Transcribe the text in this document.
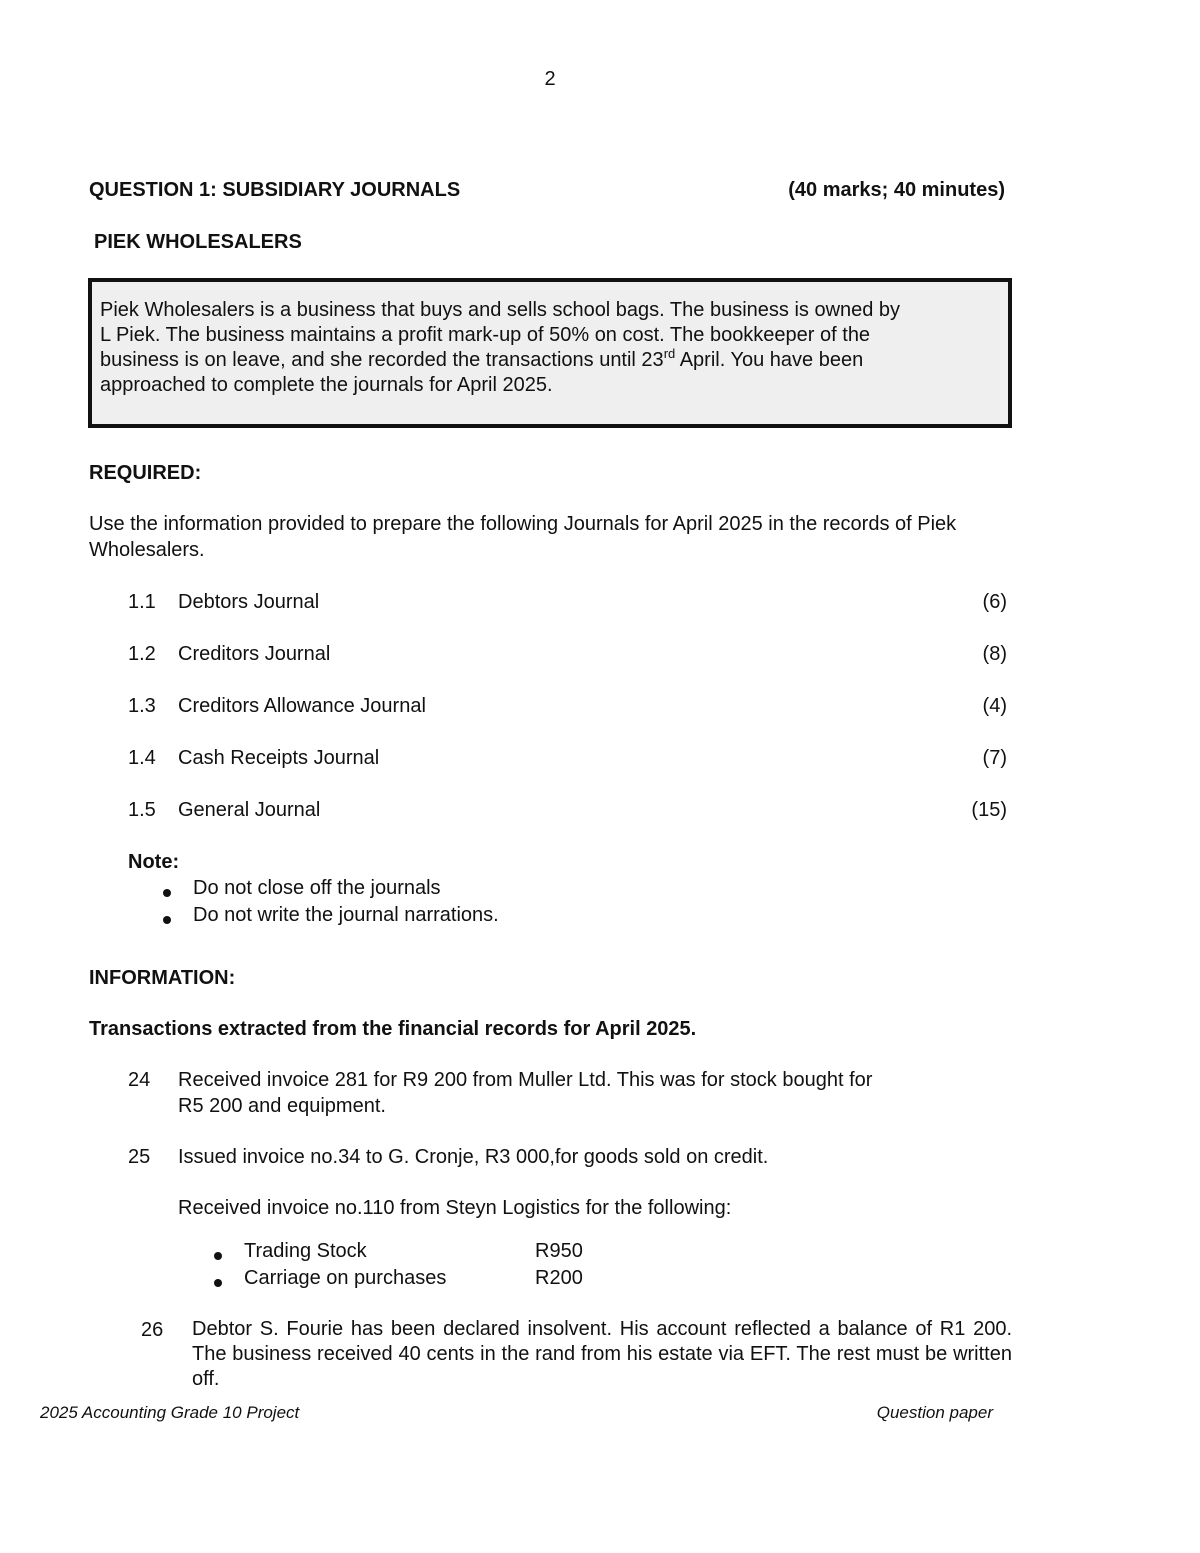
2
QUESTION 1: SUBSIDIARY JOURNALS	(40 marks; 40 minutes)
PIEK WHOLESALERS
Piek Wholesalers is a business that buys and sells school bags. The business is owned by
L Piek. The business maintains a profit mark-up of 50% on cost. The bookkeeper of the
business is on leave, and she recorded the transactions until 23rd April. You have been
approached to complete the journals for April 2025.
REQUIRED:
Use the information provided to prepare the following Journals for April 2025 in the records of Piek Wholesalers.
1.1 Debtors Journal	(6)
1.2 Creditors Journal	(8)
1.3 Creditors Allowance Journal	(4)
1.4 Cash Receipts Journal	(7)
1.5 General Journal	(15)
Note:
Do not close off the journals
Do not write the journal narrations.
INFORMATION:
Transactions extracted from the financial records for April 2025.
24 Received invoice 281 for R9 200 from Muller Ltd. This was for stock bought for
R5 200 and equipment.
25 Issued invoice no.34 to G. Cronje, R3 000,for goods sold on credit.
Received invoice no.110 from Steyn Logistics for the following:
Trading Stock	R950
Carriage on purchases	R200
26 Debtor S. Fourie has been declared insolvent. His account reflected a balance of R1 200. The business received 40 cents in the rand from his estate via EFT. The rest must be written off.
2025 Accounting Grade 10 Project	Question paper
